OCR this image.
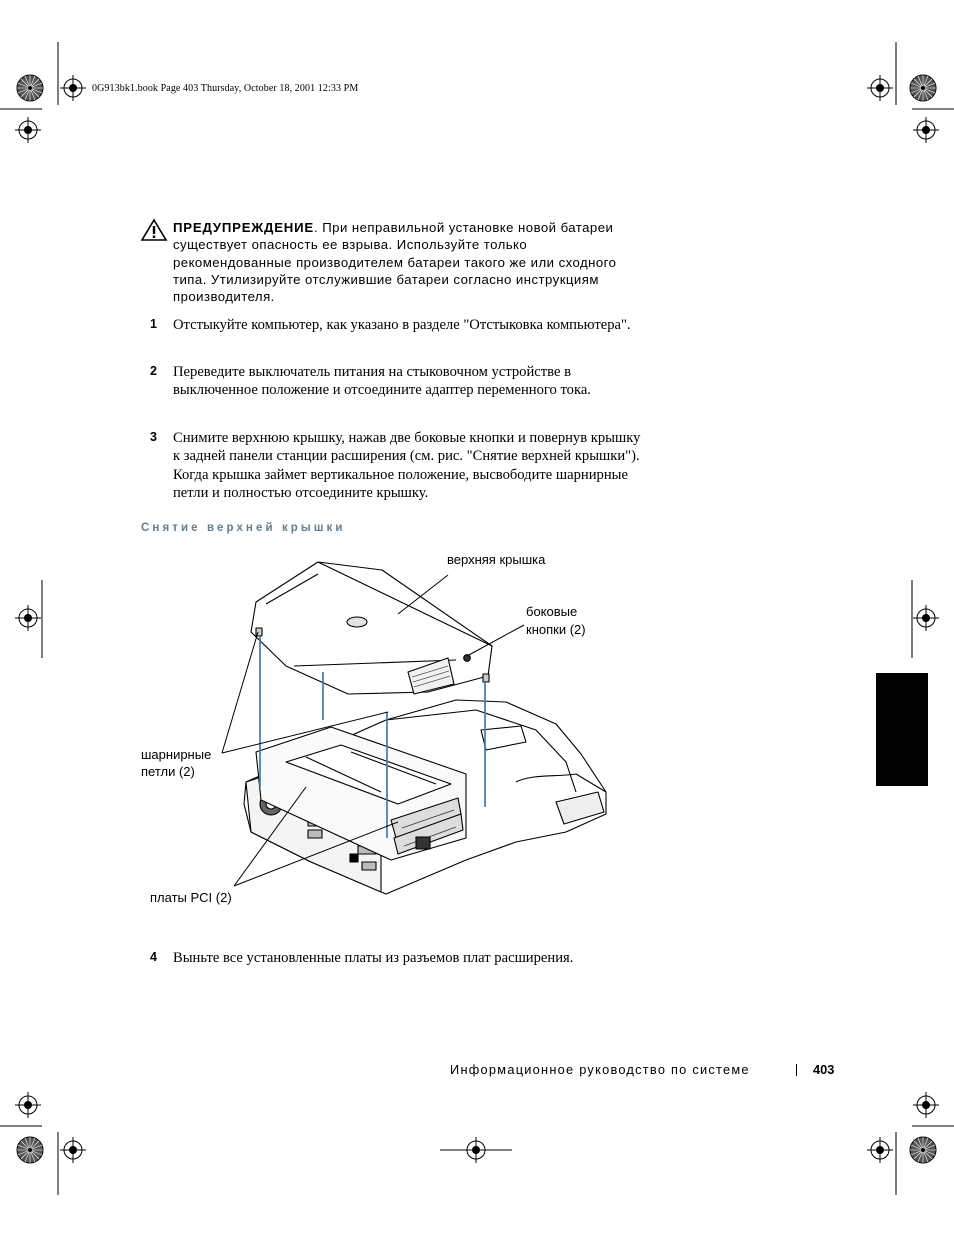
0G913bk1.book Page 403 Thursday, October 18, 2001 12:33 PM
ПРЕДУПРЕЖДЕНИЕ. При неправильной установке новой батареи существует опасность ее взрыва. Используйте только рекомендованные производителем батареи такого же или сходного типа. Утилизируйте отслужившие батареи согласно инструкциям производителя.
1 Отстыкуйте компьютер, как указано в разделе "Отстыковка компьютера".
2 Переведите выключатель питания на стыковочном устройстве в выключенное положение и отсоедините адаптер переменного тока.
3 Снимите верхнюю крышку, нажав две боковые кнопки и повернув крышку к задней панели станции расширения (см. рис. "Снятие верхней крышки"). Когда крышка займет вертикальное положение, высвободите шарнирные петли и полностью отсоедините крышку.
Снятие верхней крышки
верхняя крышка
боковые
кнопки (2)
шарнирные
петли (2)
платы PCI (2)
4 Выньте все установленные платы из разъемов плат расширения.
Информационное руководство по системе	403
